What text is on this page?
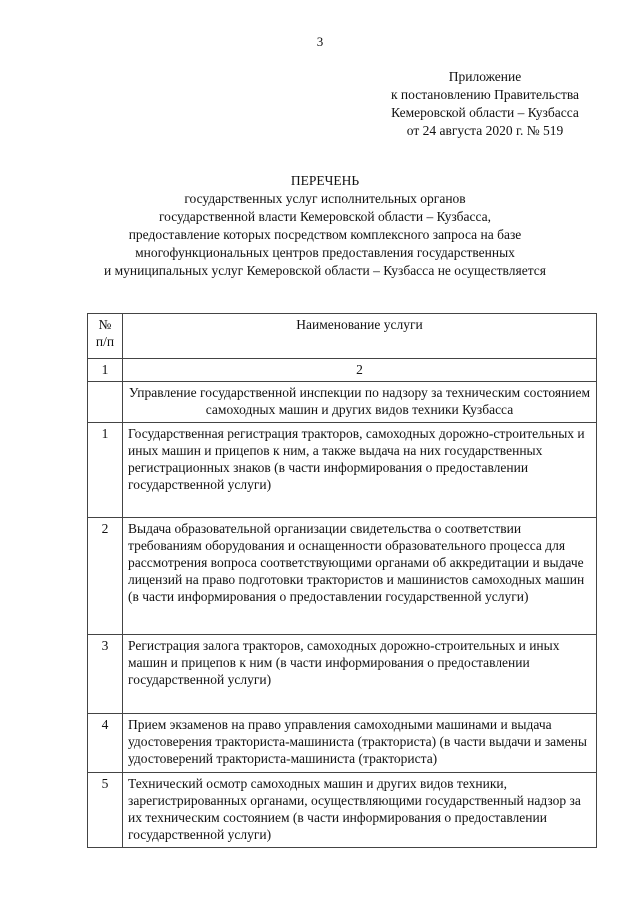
3
Приложение
к постановлению Правительства
Кемеровской области – Кузбасса
от 24 августа 2020 г. № 519
ПЕРЕЧЕНЬ
государственных услуг исполнительных органов
государственной власти Кемеровской области – Кузбасса,
предоставление которых посредством комплексного запроса на базе
многофункциональных центров предоставления государственных
и муниципальных услуг Кемеровской области – Кузбасса не осуществляется
№ п/п	Наименование услуги
1	2
	Управление государственной инспекции по надзору за техническим состоянием самоходных машин и других видов техники Кузбасса
1	Государственная регистрация тракторов, самоходных дорожно-строительных и иных машин и прицепов к ним, а также выдача на них государственных регистрационных знаков (в части информирования о предоставлении государственной услуги)
2	Выдача образовательной организации свидетельства о соответствии требованиям оборудования и оснащенности образовательного процесса для рассмотрения вопроса соответствующими органами об аккредитации и выдаче лицензий на право подготовки трактористов и машинистов самоходных машин (в части информирования о предоставлении государственной услуги)
3	Регистрация залога тракторов, самоходных дорожно-строительных и иных машин и прицепов к ним (в части информирования о предоставлении государственной услуги)
4	Прием экзаменов на право управления самоходными машинами и выдача удостоверения тракториста-машиниста (тракториста) (в части выдачи и замены удостоверений тракториста-машиниста (тракториста)
5	Технический осмотр самоходных машин и других видов техники, зарегистрированных органами, осуществляющими государственный надзор за их техническим состоянием (в части информирования о предоставлении государственной услуги)
